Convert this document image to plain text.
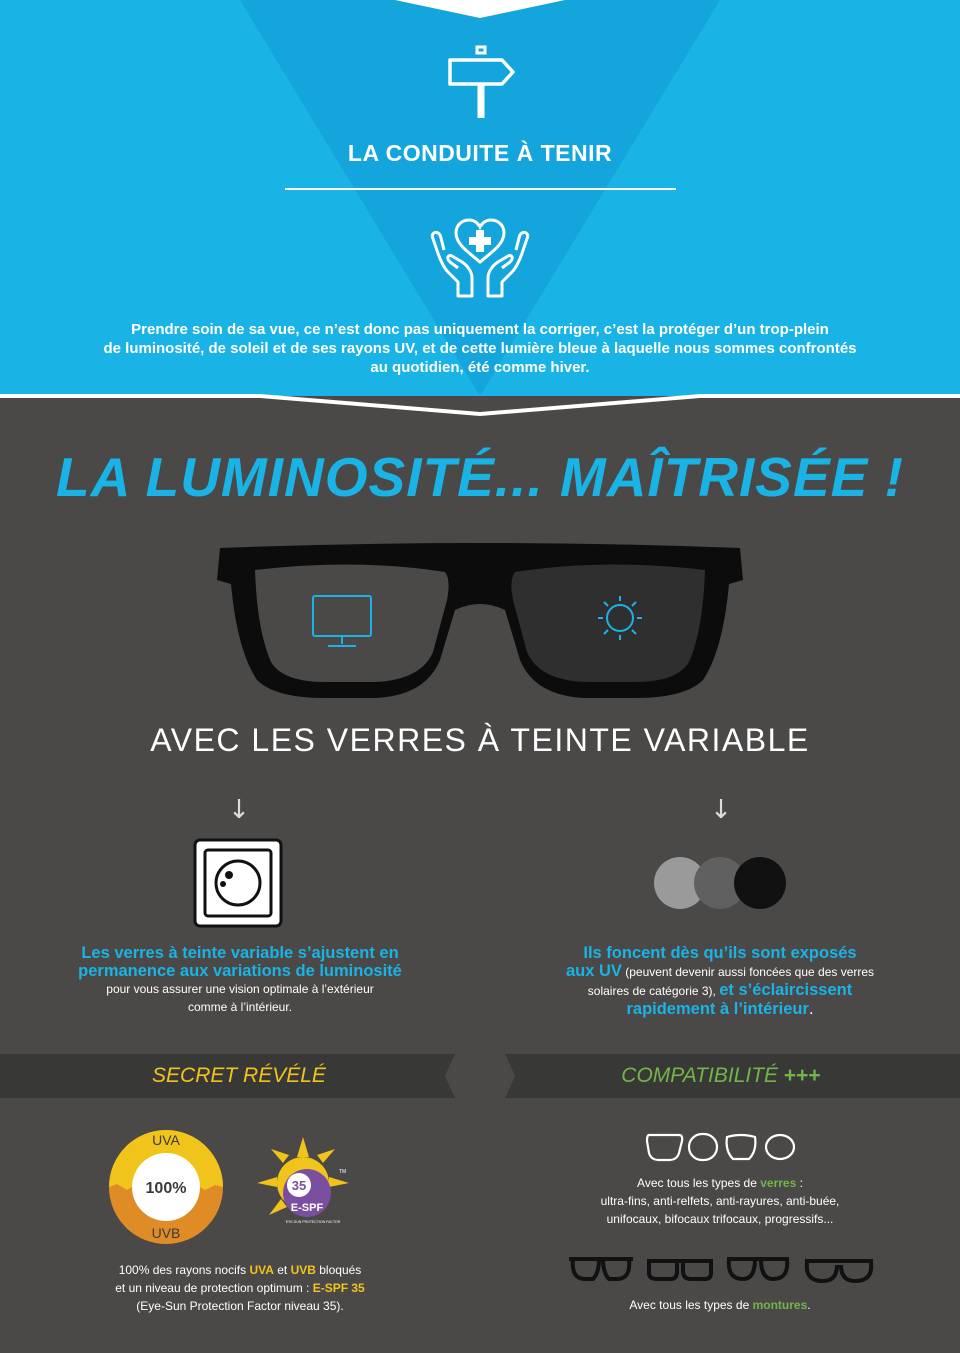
LA CONDUITE À TENIR
Prendre soin de sa vue, ce n’est donc pas uniquement la corriger, c’est la protéger d’un trop-plein
de luminosité, de soleil et de ses rayons UV, et de cette lumière bleue à laquelle nous sommes confrontés
au quotidien, été comme hiver.
LA LUMINOSITÉ... MAÎTRISÉE !
AVEC LES VERRES À TEINTE VARIABLE
↓	↓
Les verres à teinte variable s’ajustent en
permanence aux variations de luminosité
pour vous assurer une vision optimale à l’extérieur
comme à l’intérieur.
Ils foncent dès qu’ils sont exposés
aux UV (peuvent devenir aussi foncées que des verres
solaires de catégorie 3), et s’éclaircissent
rapidement à l’intérieur.
SECRET RÉVÉLÉ	COMPATIBILITÉ +++
UVA
100%
UVB
35
E-SPF
TM
EYE-SUN PROTECTION FACTOR
100% des rayons nocifs UVA et UVB bloqués
et un niveau de protection optimum : E-SPF 35
(Eye-Sun Protection Factor niveau 35).
Avec tous les types de verres :
ultra-fins, anti-relfets, anti-rayures, anti-buée,
unifocaux, bifocaux trifocaux, progressifs...
Avec tous les types de montures.
